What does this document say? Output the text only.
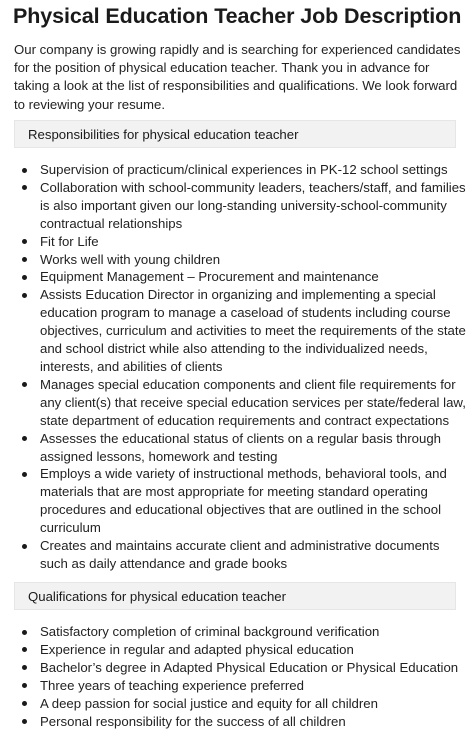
Physical Education Teacher Job Description

Our company is growing rapidly and is searching for experienced candidates for the position of physical education teacher. Thank you in advance for taking a look at the list of responsibilities and qualifications. We look forward to reviewing your resume.

Responsibilities for physical education teacher
Supervision of practicum/clinical experiences in PK-12 school settings
Collaboration with school-community leaders, teachers/staff, and families is also important given our long-standing university-school-community contractual relationships
Fit for Life
Works well with young children
Equipment Management – Procurement and maintenance
Assists Education Director in organizing and implementing a special education program to manage a caseload of students including course objectives, curriculum and activities to meet the requirements of the state and school district while also attending to the individualized needs, interests, and abilities of clients
Manages special education components and client file requirements for any client(s) that receive special education services per state/federal law, state department of education requirements and contract expectations
Assesses the educational status of clients on a regular basis through assigned lessons, homework and testing
Employs a wide variety of instructional methods, behavioral tools, and materials that are most appropriate for meeting standard operating procedures and educational objectives that are outlined in the school curriculum
Creates and maintains accurate client and administrative documents such as daily attendance and grade books
Qualifications for physical education teacher
Satisfactory completion of criminal background verification
Experience in regular and adapted physical education
Bachelor’s degree in Adapted Physical Education or Physical Education
Three years of teaching experience preferred
A deep passion for social justice and equity for all children
Personal responsibility for the success of all children
